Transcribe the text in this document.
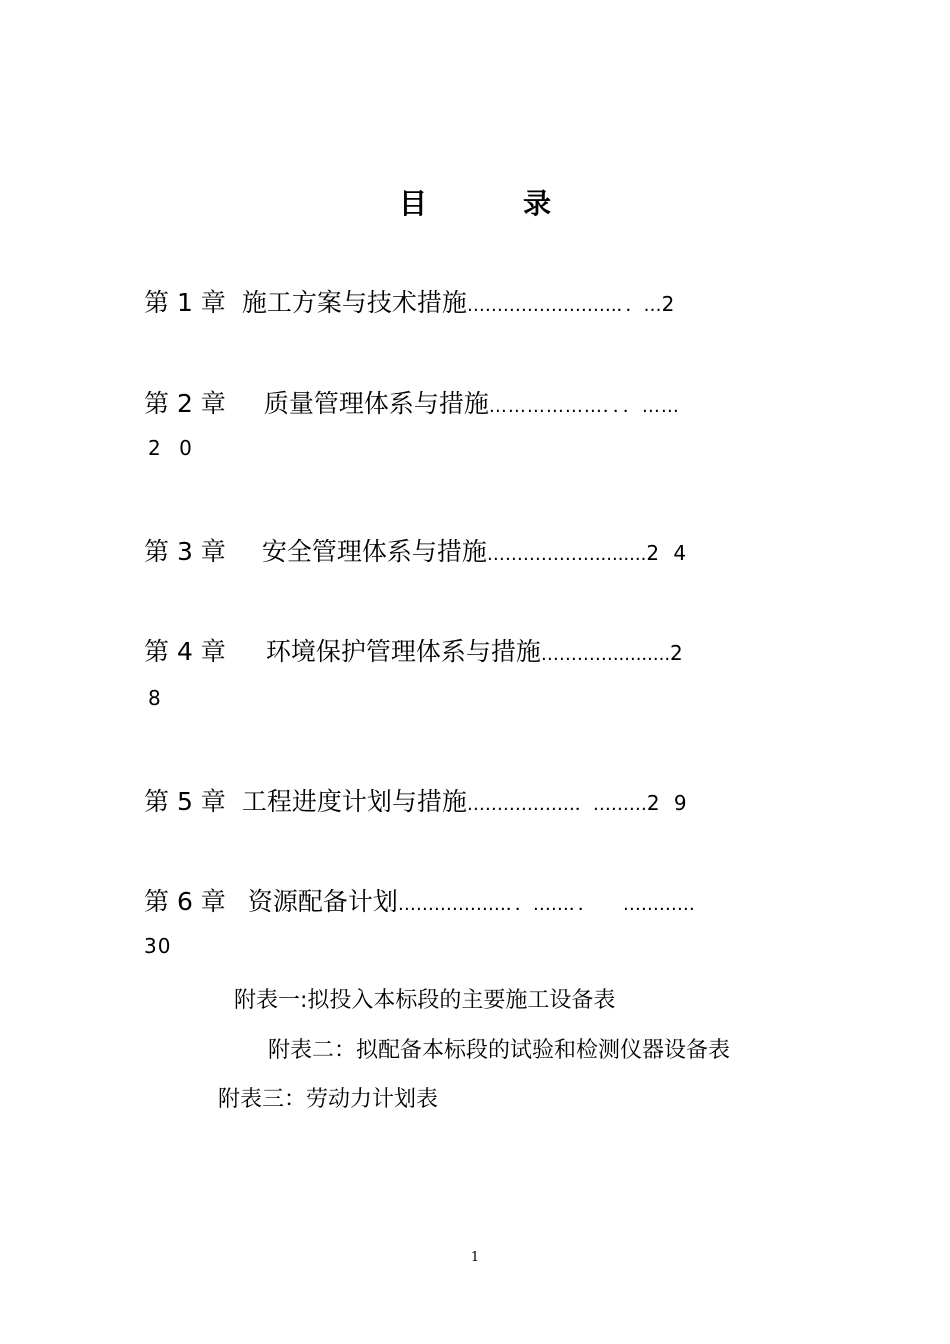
目	录
第 1 章 施工方案与技术措施…………………….．．…2
第 2 章 质量管理体系与措施………………．．．……
2 0
第 3 章 安全管理体系与措施……………….........2 4
第 4 章 环境保护管理体系与措施…………..........2
8
第 5 章 工程进度计划与措施………………．………2 9
第 6 章 资源配备计划………………．．……．．　　…………
30
附表一:拟投入本标段的主要施工设备表
附表二：拟配备本标段的试验和检测仪器设备表
附表三：劳动力计划表
1
